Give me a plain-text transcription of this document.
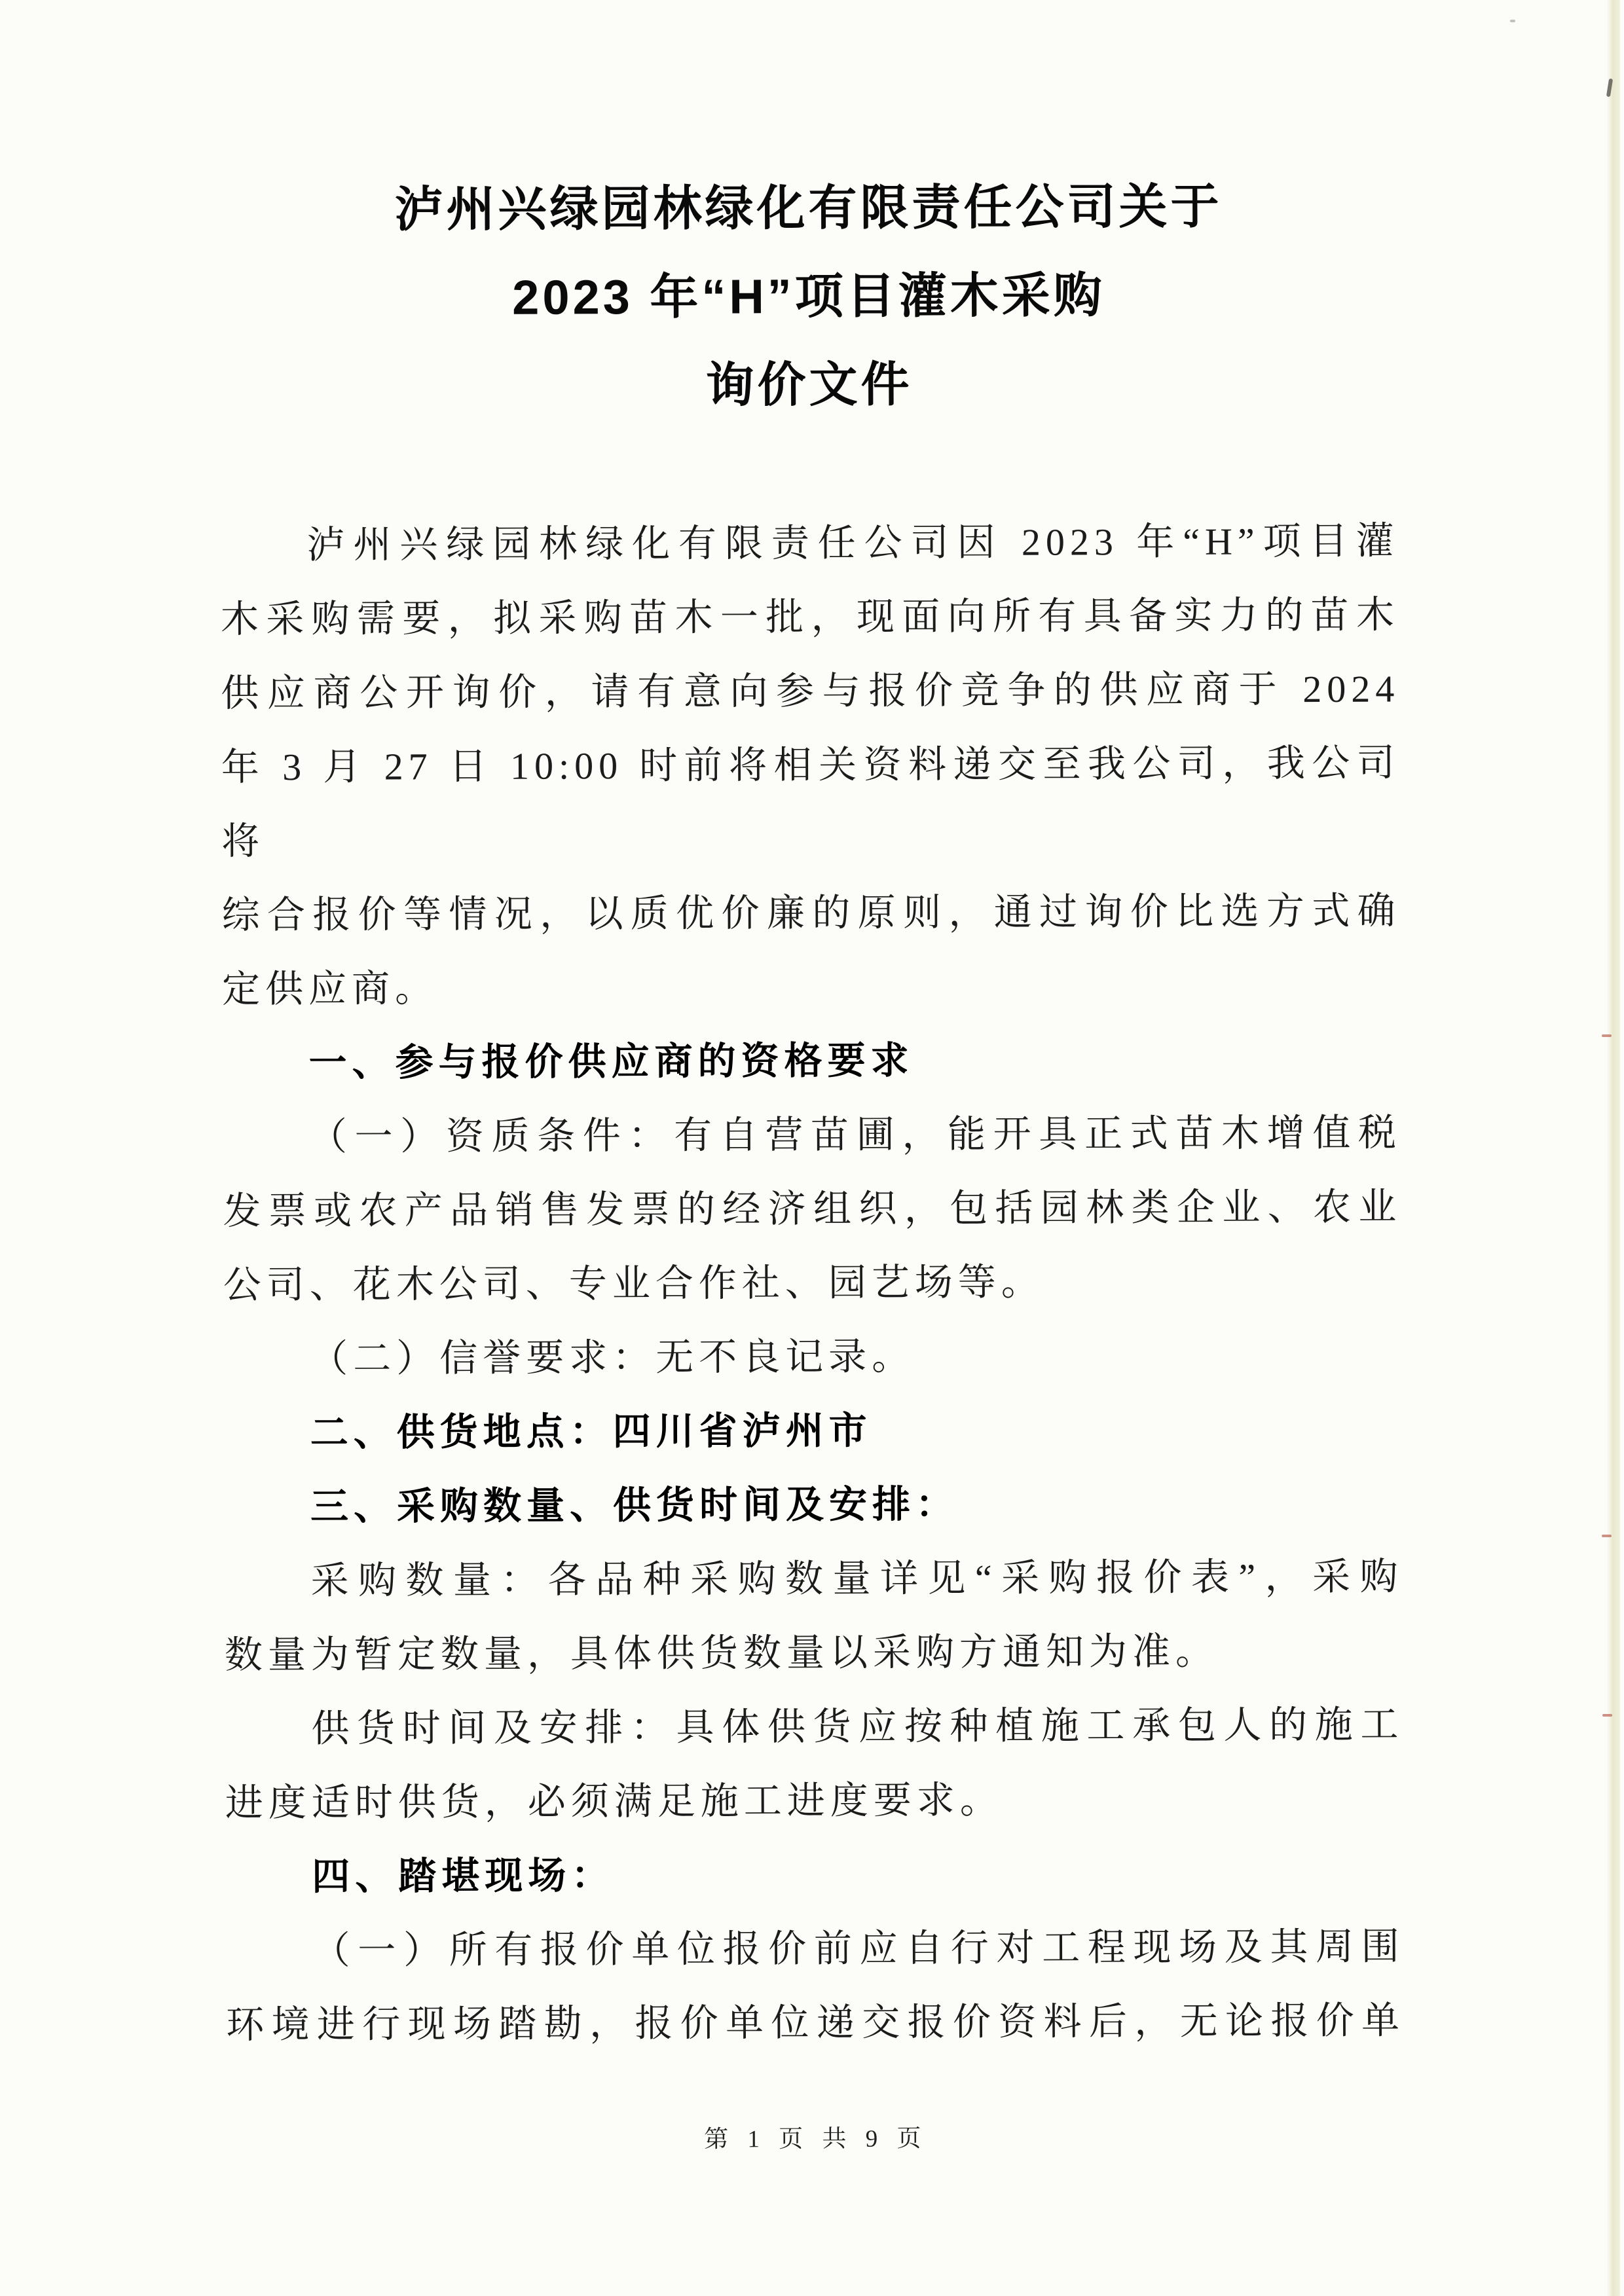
泸州兴绿园林绿化有限责任公司关于
2023 年“H”项目灌木采购
询价文件
泸州兴绿园林绿化有限责任公司因 2023 年“H”项目灌
木采购需要，拟采购苗木一批，现面向所有具备实力的苗木
供应商公开询价，请有意向参与报价竞争的供应商于 2024
年 3 月 27 日 10:00 时前将相关资料递交至我公司，我公司将
综合报价等情况，以质优价廉的原则，通过询价比选方式确
定供应商。
一、参与报价供应商的资格要求
（一）资质条件：有自营苗圃，能开具正式苗木增值税
发票或农产品销售发票的经济组织，包括园林类企业、农业
公司、花木公司、专业合作社、园艺场等。
（二）信誉要求：无不良记录。
二、供货地点：四川省泸州市
三、采购数量、供货时间及安排：
采购数量：各品种采购数量详见“采购报价表”，采购
数量为暂定数量，具体供货数量以采购方通知为准。
供货时间及安排：具体供货应按种植施工承包人的施工
进度适时供货，必须满足施工进度要求。
四、踏堪现场：
（一）所有报价单位报价前应自行对工程现场及其周围
环境进行现场踏勘，报价单位递交报价资料后，无论报价单
第 1 页 共 9 页
